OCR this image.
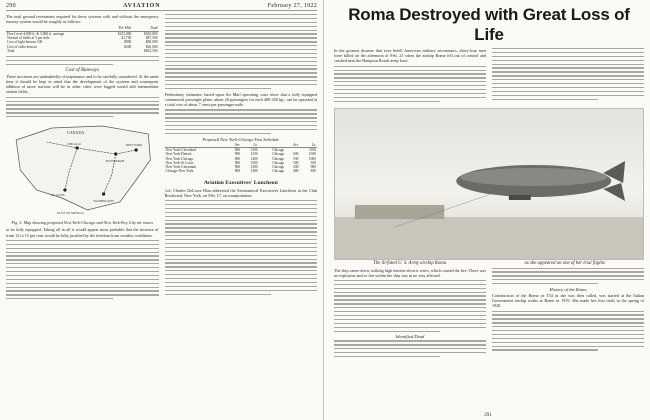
290	AVIATION	February 27, 1922

The total ground investment required for these systems with and without the emergency runway system would be roughly as follows:

	Per Mile	Total
Five Level 4,000 ft. & 3,000 ft. average	$125,000	$625,000
Normal of fields at 5 per mile	$1,750	$87,500
Cost of light beacon 100	$900	$90,000
Cost of radio beacon	$200	$20,000
Total		$822,500
Cost of Runways

These increases are undoubtedly of importance and to be carefully considered. At the same time it should be kept in mind that the development of the systems and consequent addition of more stations will be in other cities were logged would add intermediate station fields.

CANADA
NEW YORK
CHICAGO
ST. LOUIS
PITTSBURGH
WASHINGTON
GULF OF MEXICO
Fig. 5. Map showing proposed New York-Chicago and New York-Key City air routes

to be fully equipped. Taking all in all it would appear most probable that the increase of from 12 to 15 per cent would be fully justified by the freedom from weather conditions.

Preliminary estimates, based upon Air Mail operating costs show that a fully equipped commercial passenger plane, about 20 passengers for each 400-450 hp., can be operated at a total cost of about 7 cents per passenger mile.

Proposed New York-Chicago Fast Schedule
	Arr.	Lv.		Arr.	Lv.
New York-Cleveland	900	1300	Chicago		1100
New York-Detroit	900	1330	Chicago	600	1030
New York-Chicago	900	1400	Chicago	530	1000
New York-St Louis	900	1500	Chicago	500	930
New York-Cincinnati	900	1300	Chicago	430	900
Chicago-New York	900	1300	Chicago	400	830
Aviation Executives' Luncheon

Col. Charles DeLesse Blau addressed the Aeronautical Executives Luncheon at the Club Boulevard, New York, on Feb. 17, on transportation.

Roma Destroyed with Great Loss of Life

In the greatest disaster that ever befell American military aeronautics, thirty-four men were killed on the afternoon of Feb. 21 when the airship Roma fell out of control and crashed near the Hampton Roads army base.

The ill-fated U. S. Army airship Roma	as she appeared on one of her trial flights

The ship came down, striking high tension electric wires, which caused the fire. There was no explosion and so fire within the ship was in no way affected.

Identified Dead
History of the Roma

Construction of the Roma or T34 as she was then called, was started at the Italian Government airship works at Rome in 1919. She made her first trials in the spring of 1920.

291
